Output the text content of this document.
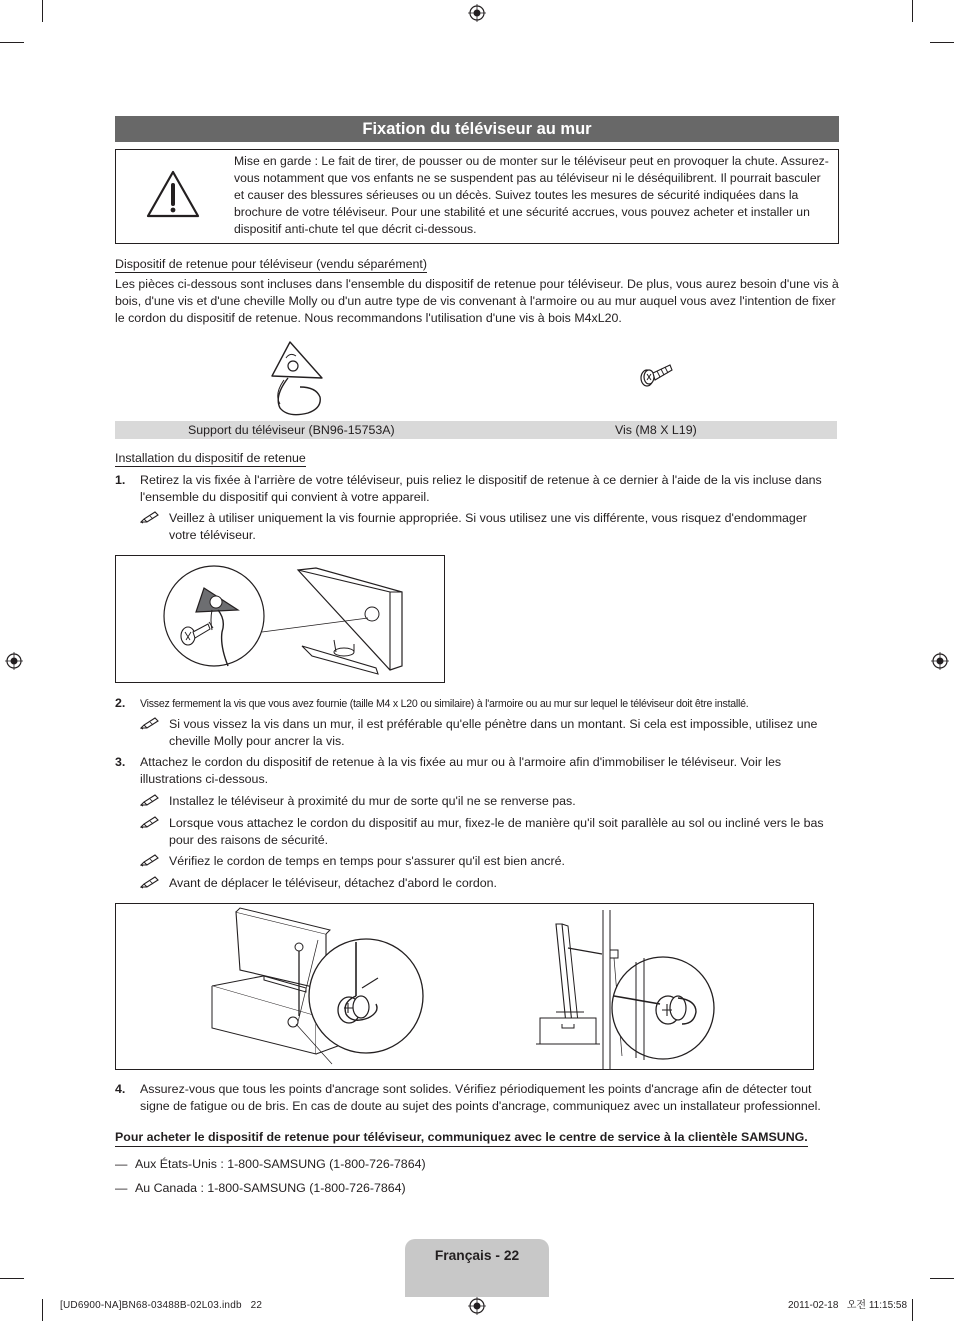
Fixation du téléviseur au mur
Mise en garde : Le fait de tirer, de pousser ou de monter sur le téléviseur peut en provoquer la chute. Assurez-vous notamment que vos enfants ne se suspendent pas au téléviseur ni le déséquilibrent. Il pourrait basculer et causer des blessures sérieuses ou un décès. Suivez toutes les mesures de sécurité indiquées dans la brochure de votre téléviseur. Pour une stabilité et une sécurité accrues, vous pouvez acheter et installer un dispositif anti-chute tel que décrit ci-dessous.
Dispositif de retenue pour téléviseur (vendu séparément)
Les pièces ci-dessous sont incluses dans l'ensemble du dispositif de retenue pour téléviseur. De plus, vous aurez besoin d'une vis à bois, d'une vis et d'une cheville Molly ou d'un autre type de vis convenant à l'armoire ou au mur auquel vous avez l'intention de fixer le cordon du dispositif de retenue. Nous recommandons l'utilisation d'une vis à bois M4xL20.
Support du téléviseur (BN96-15753A)	Vis (M8 X L19)
Installation du dispositif de retenue
1. Retirez la vis fixée à l'arrière de votre téléviseur, puis reliez le dispositif de retenue à ce dernier à l'aide de la vis incluse dans l'ensemble du dispositif qui convient à votre appareil.
Veillez à utiliser uniquement la vis fournie appropriée. Si vous utilisez une vis différente, vous risquez d'endommager votre téléviseur.
2. Vissez fermement la vis que vous avez fournie (taille M4 x L20 ou similaire) à l'armoire ou au mur sur lequel le téléviseur doit être installé.
Si vous vissez la vis dans un mur, il est préférable qu'elle pénètre dans un montant. Si cela est impossible, utilisez une cheville Molly pour ancrer la vis.
3. Attachez le cordon du dispositif de retenue à la vis fixée au mur ou à l'armoire afin d'immobiliser le téléviseur. Voir les illustrations ci-dessous.
Installez le téléviseur à proximité du mur de sorte qu'il ne se renverse pas.
Lorsque vous attachez le cordon du dispositif au mur, fixez-le de manière qu'il soit parallèle au sol ou incliné vers le bas pour des raisons de sécurité.
Vérifiez le cordon de temps en temps pour s'assurer qu'il est bien ancré.
Avant de déplacer le téléviseur, détachez d'abord le cordon.
4. Assurez-vous que tous les points d'ancrage sont solides. Vérifiez périodiquement les points d'ancrage afin de détecter tout signe de fatigue ou de bris. En cas de doute au sujet des points d'ancrage, communiquez avec un installateur professionnel.
Pour acheter le dispositif de retenue pour téléviseur, communiquez avec le centre de service à la clientèle SAMSUNG.
— Aux États-Unis : 1-800-SAMSUNG (1-800-726-7864)
— Au Canada : 1-800-SAMSUNG (1-800-726-7864)
Français - 22
[UD6900-NA]BN68-03488B-02L03.indb   22	2011-02-18   오전 11:15:58
